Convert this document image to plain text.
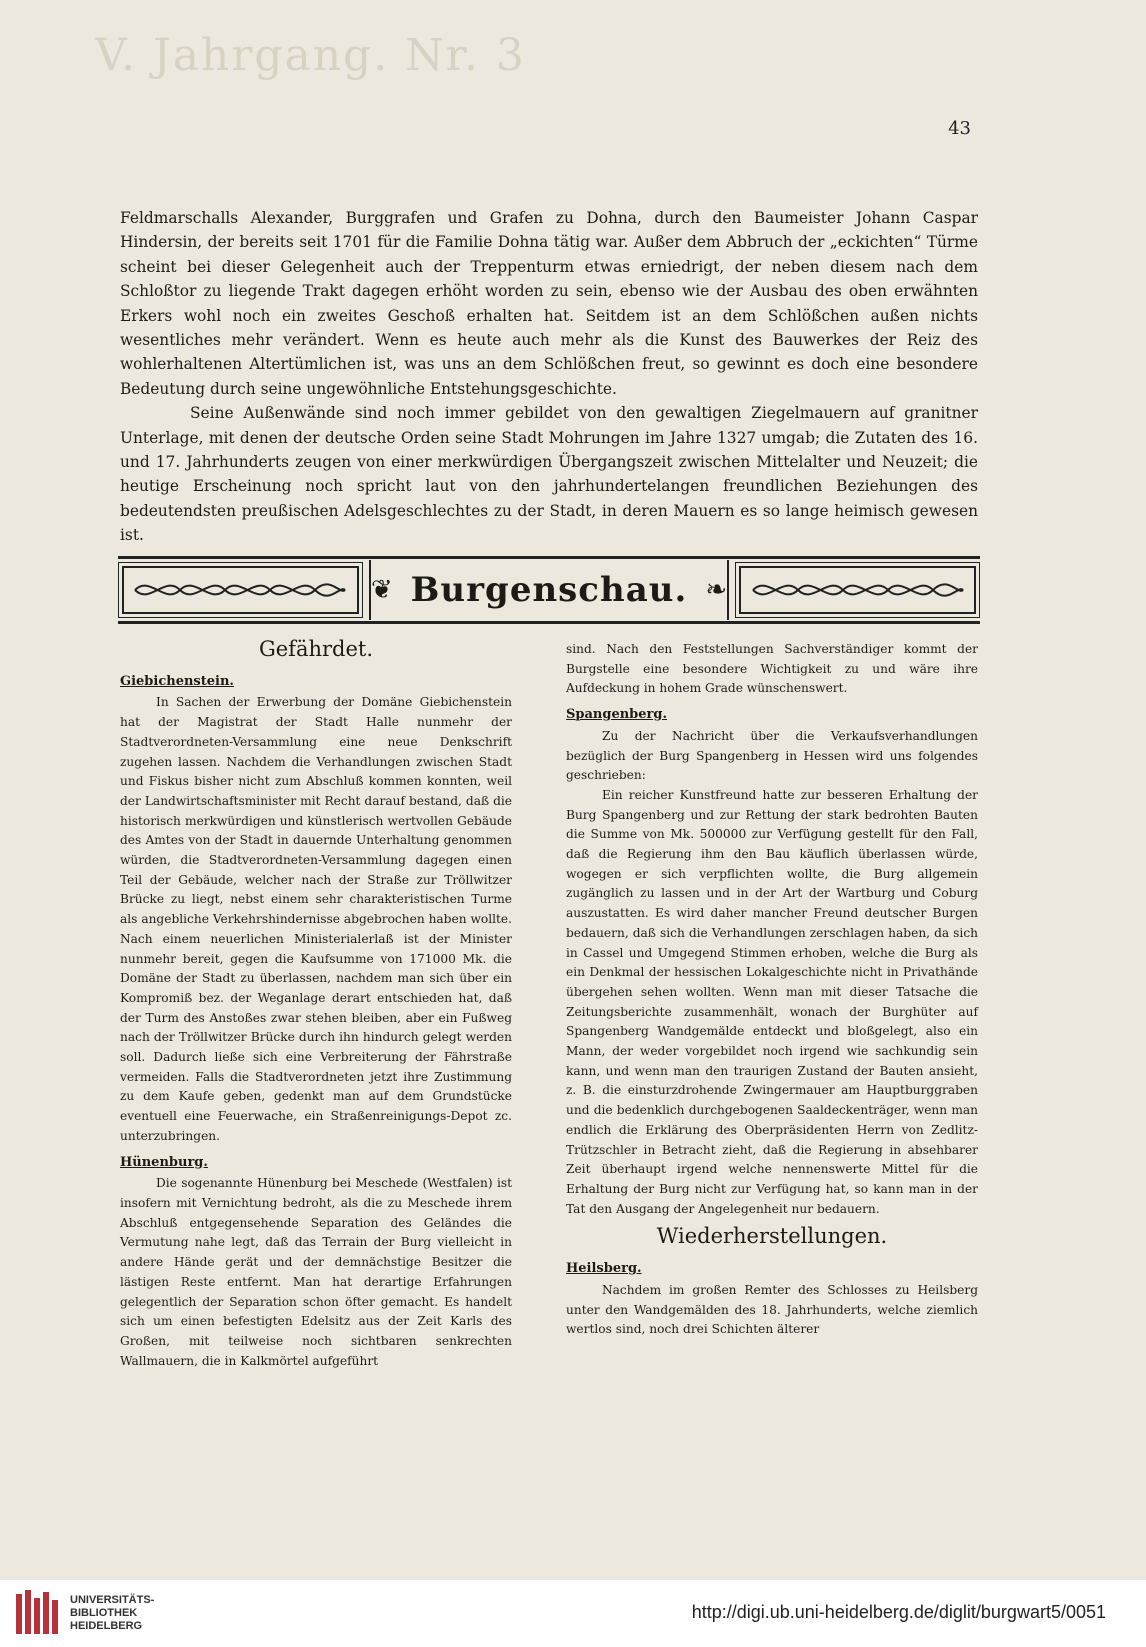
V. Jahrgang. Nr. 3
43

Feldmarschalls Alexander, Burggrafen und Grafen zu Dohna, durch den Baumeister Johann Caspar Hindersin, der bereits seit 1701 für die Familie Dohna tätig war. Außer dem Abbruch der „eckichten“ Türme scheint bei dieser Gelegenheit auch der Treppenturm etwas erniedrigt, der neben diesem nach dem Schloßtor zu liegende Trakt dagegen erhöht worden zu sein, ebenso wie der Ausbau des oben erwähnten Erkers wohl noch ein zweites Geschoß erhalten hat. Seitdem ist an dem Schlößchen außen nichts wesentliches mehr verändert. Wenn es heute auch mehr als die Kunst des Bauwerkes der Reiz des wohlerhaltenen Altertümlichen ist, was uns an dem Schlößchen freut, so gewinnt es doch eine besondere Bedeutung durch seine ungewöhnliche Entstehungsgeschichte.

Seine Außenwände sind noch immer gebildet von den gewaltigen Ziegelmauern auf granitner Unterlage, mit denen der deutsche Orden seine Stadt Mohrungen im Jahre 1327 umgab; die Zutaten des 16. und 17. Jahrhunderts zeugen von einer merkwürdigen Übergangszeit zwischen Mittelalter und Neuzeit; die heutige Erscheinung noch spricht laut von den jahrhundertelangen freundlichen Beziehungen des bedeutendsten preußischen Adelsgeschlechtes zu der Stadt, in deren Mauern es so lange heimisch gewesen ist.

❦ Burgenschau. ❧
Gefährdet.
Giebichenstein.

In Sachen der Erwerbung der Domäne Giebichenstein hat der Magistrat der Stadt Halle nunmehr der Stadtverordneten-Versammlung eine neue Denkschrift zugehen lassen. Nachdem die Verhandlungen zwischen Stadt und Fiskus bisher nicht zum Abschluß kommen konnten, weil der Landwirtschaftsminister mit Recht darauf bestand, daß die historisch merkwürdigen und künstlerisch wertvollen Gebäude des Amtes von der Stadt in dauernde Unterhaltung genommen würden, die Stadtverordneten-Versammlung dagegen einen Teil der Gebäude, welcher nach der Straße zur Tröllwitzer Brücke zu liegt, nebst einem sehr charakteristischen Turme als angebliche Verkehrshindernisse abgebrochen haben wollte. Nach einem neuerlichen Ministerialerlaß ist der Minister nunmehr bereit, gegen die Kaufsumme von 171000 Mk. die Domäne der Stadt zu überlassen, nachdem man sich über ein Kompromiß bez. der Weganlage derart entschieden hat, daß der Turm des Anstoßes zwar stehen bleiben, aber ein Fußweg nach der Tröllwitzer Brücke durch ihn hindurch gelegt werden soll. Dadurch ließe sich eine Verbreiterung der Fährstraße vermeiden. Falls die Stadtverordneten jetzt ihre Zustimmung zu dem Kaufe geben, gedenkt man auf dem Grundstücke eventuell eine Feuerwache, ein Straßenreinigungs-Depot zc. unterzubringen.

Hünenburg.

Die sogenannte Hünenburg bei Meschede (Westfalen) ist insofern mit Vernichtung bedroht, als die zu Meschede ihrem Abschluß entgegensehende Separation des Geländes die Vermutung nahe legt, daß das Terrain der Burg vielleicht in andere Hände gerät und der demnächstige Besitzer die lästigen Reste entfernt. Man hat derartige Erfahrungen gelegentlich der Separation schon öfter gemacht. Es handelt sich um einen befestigten Edelsitz aus der Zeit Karls des Großen, mit teilweise noch sichtbaren senkrechten Wallmauern, die in Kalkmörtel aufgeführt

sind. Nach den Feststellungen Sachverständiger kommt der Burgstelle eine besondere Wichtigkeit zu und wäre ihre Aufdeckung in hohem Grade wünschenswert.

Spangenberg.

Zu der Nachricht über die Verkaufsverhandlungen bezüglich der Burg Spangenberg in Hessen wird uns folgendes geschrieben:

Ein reicher Kunstfreund hatte zur besseren Erhaltung der Burg Spangenberg und zur Rettung der stark bedrohten Bauten die Summe von Mk. 500000 zur Verfügung gestellt für den Fall, daß die Regierung ihm den Bau käuflich überlassen würde, wogegen er sich verpflichten wollte, die Burg allgemein zugänglich zu lassen und in der Art der Wartburg und Coburg auszustatten. Es wird daher mancher Freund deutscher Burgen bedauern, daß sich die Verhandlungen zerschlagen haben, da sich in Cassel und Umgegend Stimmen erhoben, welche die Burg als ein Denkmal der hessischen Lokalgeschichte nicht in Privathände übergehen sehen wollten. Wenn man mit dieser Tatsache die Zeitungsberichte zusammenhält, wonach der Burghüter auf Spangenberg Wandgemälde entdeckt und bloßgelegt, also ein Mann, der weder vorgebildet noch irgend wie sachkundig sein kann, und wenn man den traurigen Zustand der Bauten ansieht, z. B. die einsturzdrohende Zwingermauer am Hauptburggraben und die bedenklich durchgebogenen Saaldeckenträger, wenn man endlich die Erklärung des Oberpräsidenten Herrn von Zedlitz-Trützschler in Betracht zieht, daß die Regierung in absehbarer Zeit überhaupt irgend welche nennenswerte Mittel für die Erhaltung der Burg nicht zur Verfügung hat, so kann man in der Tat den Ausgang der Angelegenheit nur bedauern.

Wiederherstellungen.
Heilsberg.

Nachdem im großen Remter des Schlosses zu Heilsberg unter den Wandgemälden des 18. Jahrhunderts, welche ziemlich wertlos sind, noch drei Schichten älterer

UNIVERSITÄTS-
BIBLIOTHEK
HEIDELBERG
http://digi.ub.uni-heidelberg.de/diglit/burgwart5/0051
